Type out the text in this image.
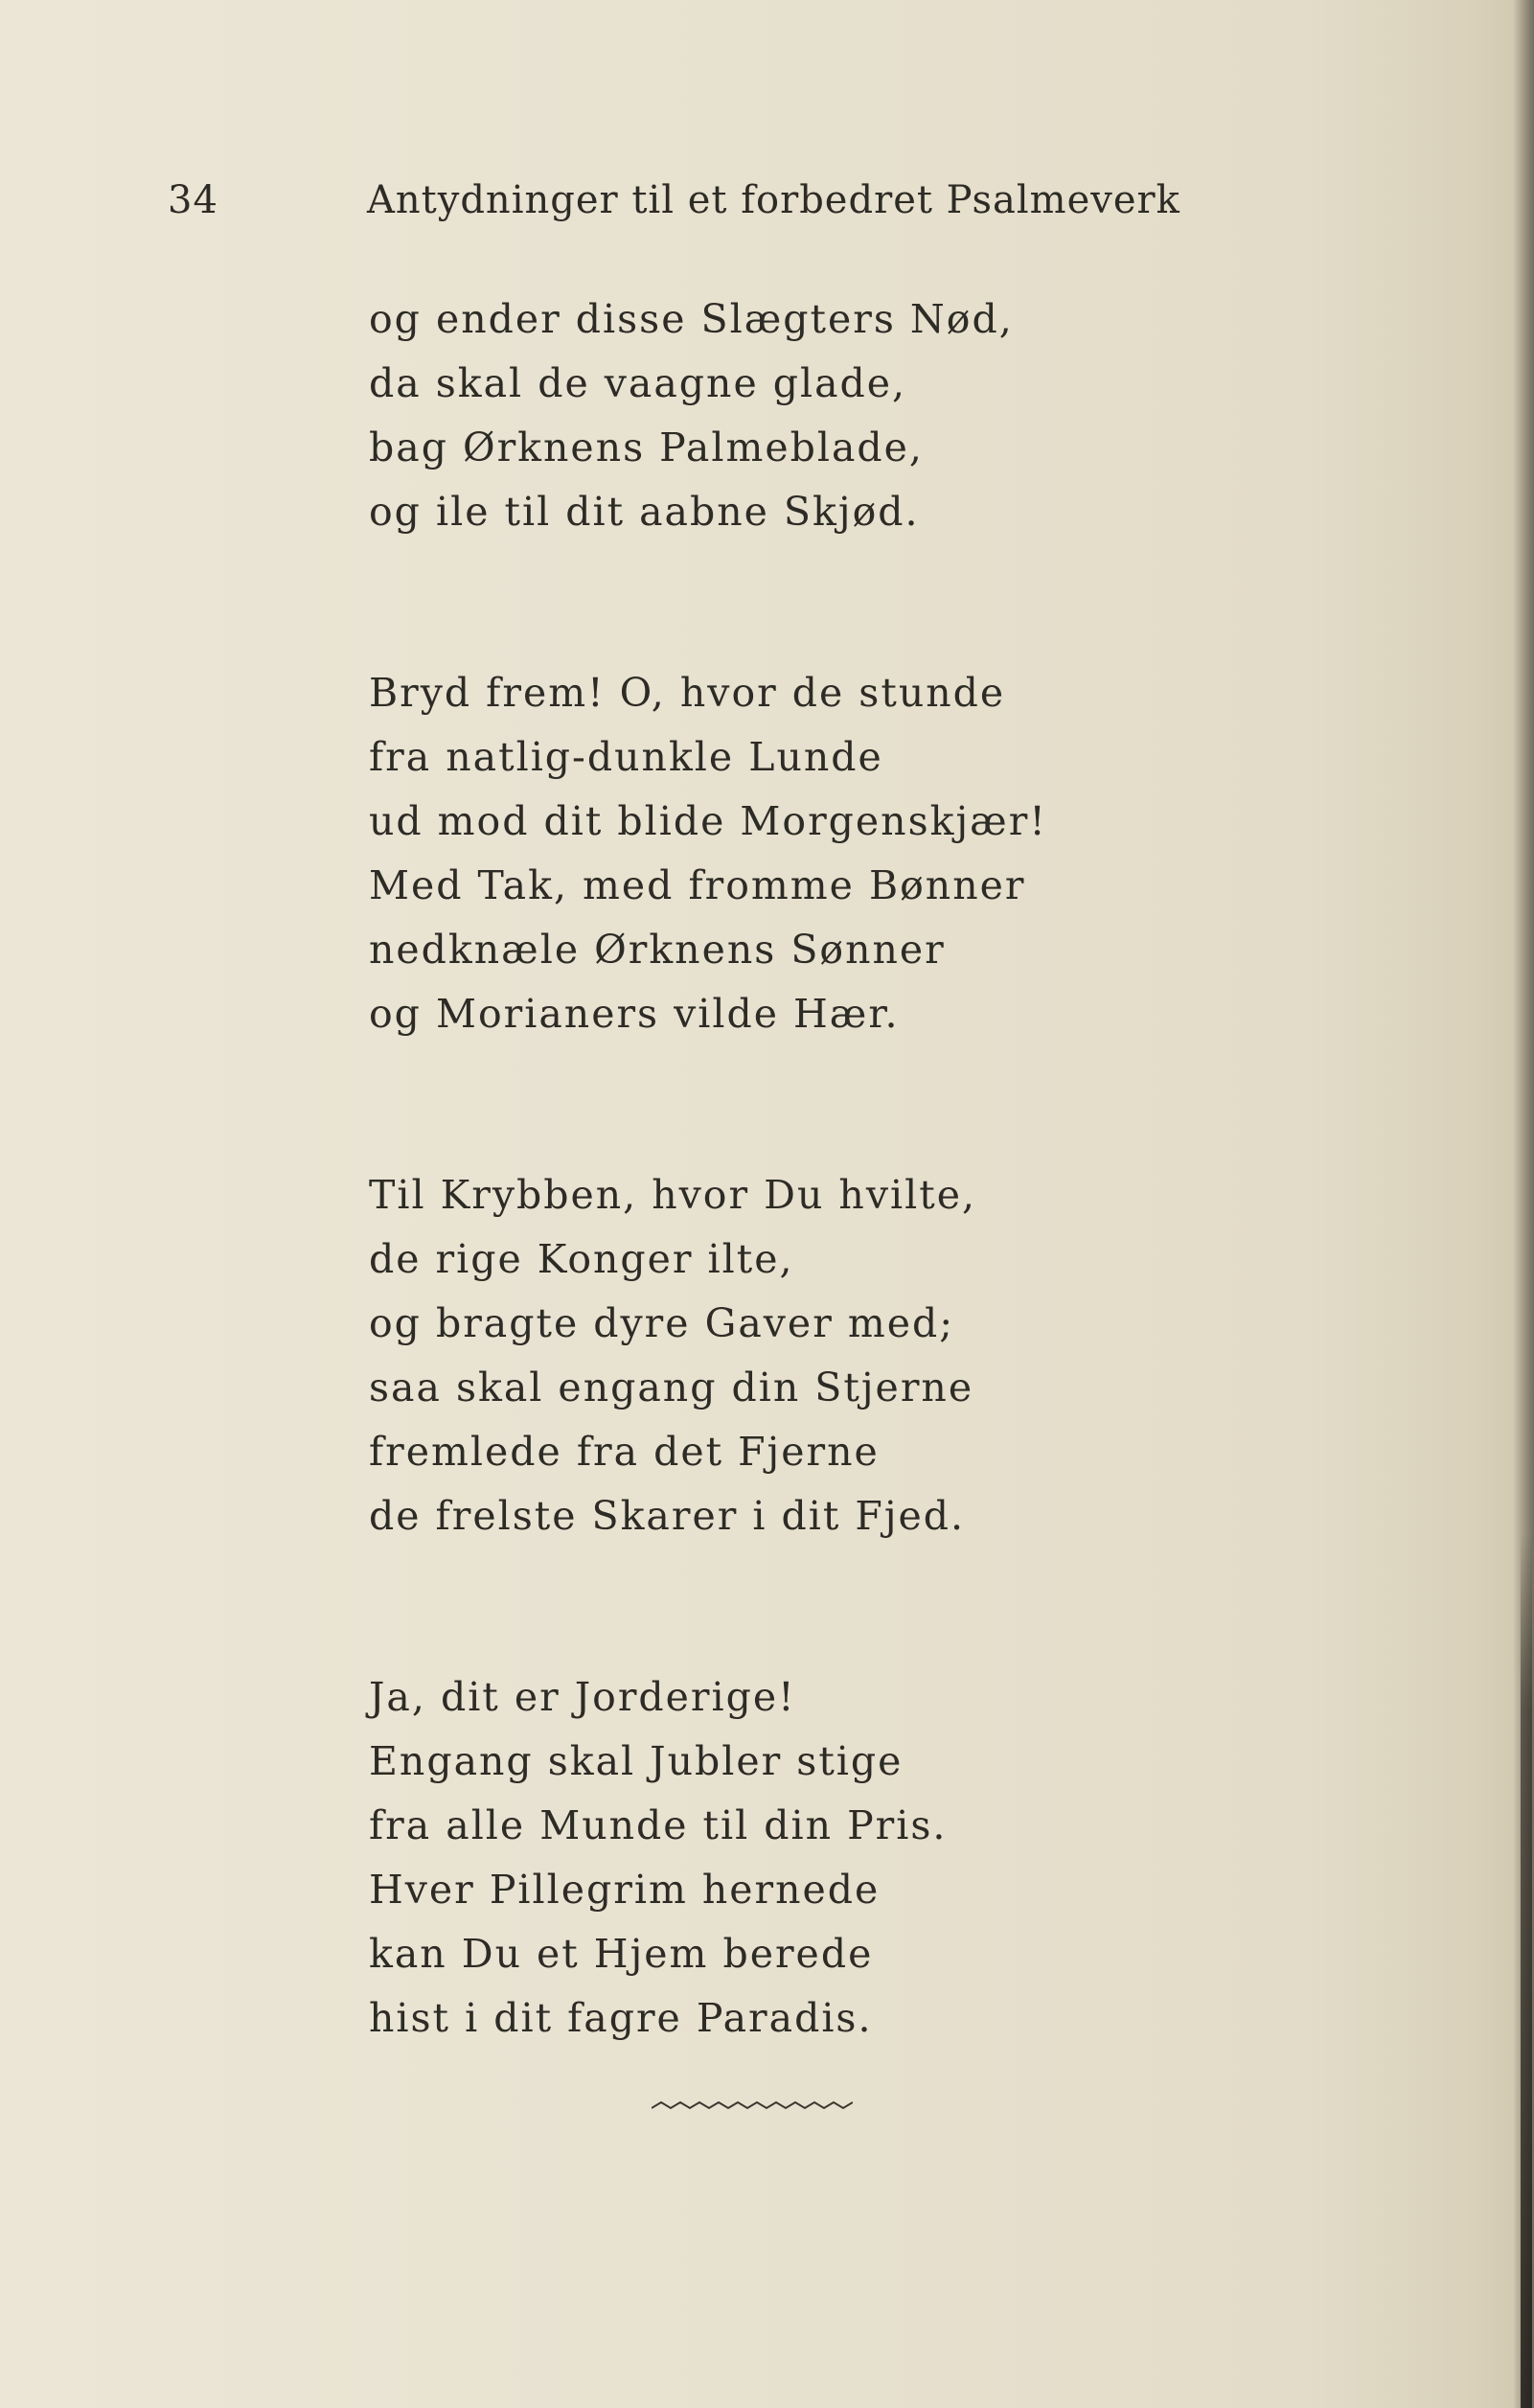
34	Antydninger til et forbedret Psalmeverk
og ender disse Slægters Nød,
da skal de vaagne glade,
bag Ørknens Palmeblade,
og ile til dit aabne Skjød.
Bryd frem! O, hvor de stunde
fra natlig-dunkle Lunde
ud mod dit blide Morgenskjær!
Med Tak, med fromme Bønner
nedknæle Ørknens Sønner
og Morianers vilde Hær.
Til Krybben, hvor Du hvilte,
de rige Konger ilte,
og bragte dyre Gaver med;
saa skal engang din Stjerne
fremlede fra det Fjerne
de frelste Skarer i dit Fjed.
Ja, dit er Jorderige!
Engang skal Jubler stige
fra alle Munde til din Pris.
Hver Pillegrim hernede
kan Du et Hjem berede
hist i dit fagre Paradis.
